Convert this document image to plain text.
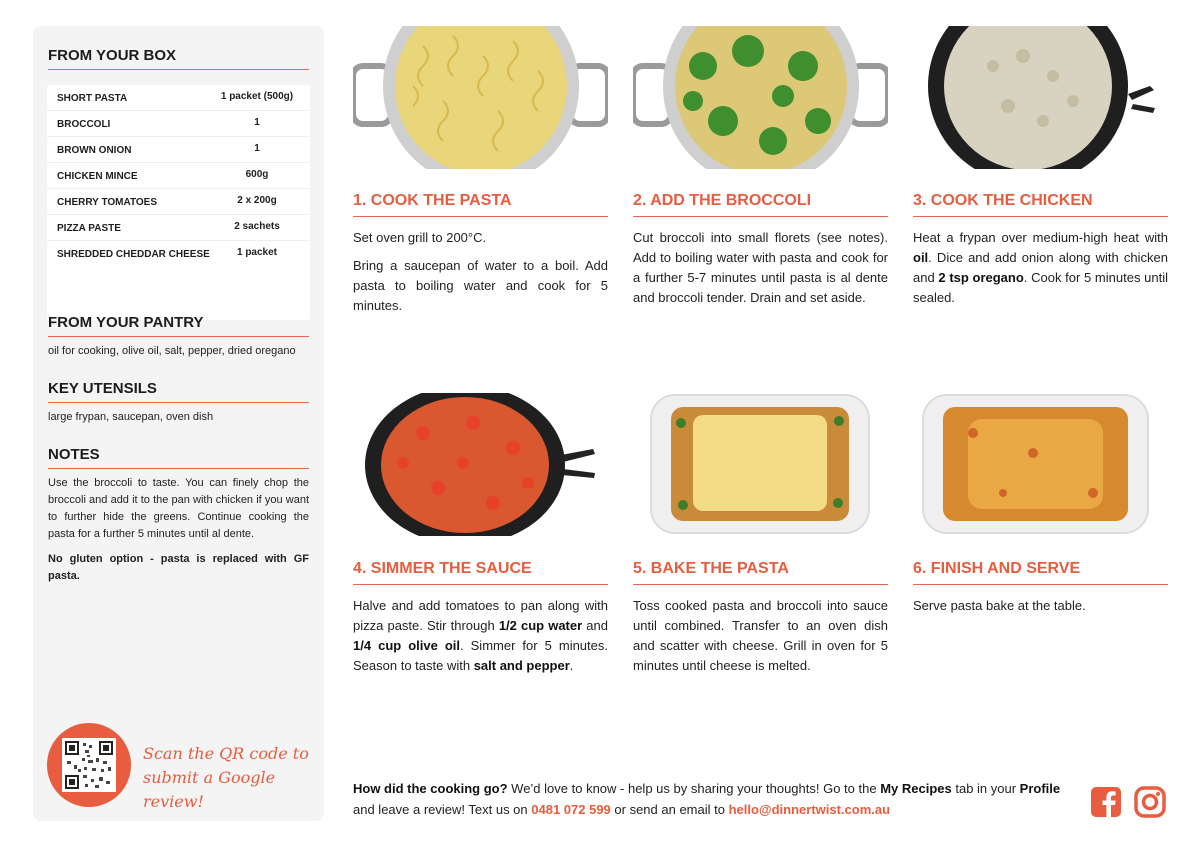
FROM YOUR BOX
SHORT PASTA	1 packet (500g)
BROCCOLI	1
BROWN ONION	1
CHICKEN MINCE	600g
CHERRY TOMATOES	2 x 200g
PIZZA PASTE	2 sachets
SHREDDED CHEDDAR CHEESE	1 packet
FROM YOUR PANTRY
oil for cooking, olive oil, salt, pepper, dried oregano
KEY UTENSILS
large frypan, saucepan, oven dish
NOTES

Use the broccoli to taste. You can finely chop the broccoli and add it to the pan with chicken if you want to further hide the greens. Continue cooking the pasta for a further 5 minutes until al dente.

No gluten option - pasta is replaced with GF pasta.

Scan the QR code to
submit a Google review!
1. COOK THE PASTA

Set oven grill to 200°C.

Bring a saucepan of water to a boil. Add pasta to boiling water and cook for 5 minutes.

2. ADD THE BROCCOLI

Cut broccoli into small florets (see notes). Add to boiling water with pasta and cook for a further 5-7 minutes until pasta is al dente and broccoli tender. Drain and set aside.

3. COOK THE CHICKEN

Heat a frypan over medium-high heat with oil. Dice and add onion along with chicken and 2 tsp oregano. Cook for 5 minutes until sealed.

4. SIMMER THE SAUCE

Halve and add tomatoes to pan along with pizza paste. Stir through 1/2 cup water and 1/4 cup olive oil. Simmer for 5 minutes. Season to taste with salt and pepper.

5. BAKE THE PASTA

Toss cooked pasta and broccoli into sauce until combined. Transfer to an oven dish and scatter with cheese. Grill in oven for 5 minutes until cheese is melted.

6. FINISH AND SERVE

Serve pasta bake at the table.

How did the cooking go? We’d love to know - help us by sharing your thoughts! Go to the My Recipes tab in your Profile and leave a review! Text us on 0481 072 599 or send an email to hello@dinnertwist.com.au
